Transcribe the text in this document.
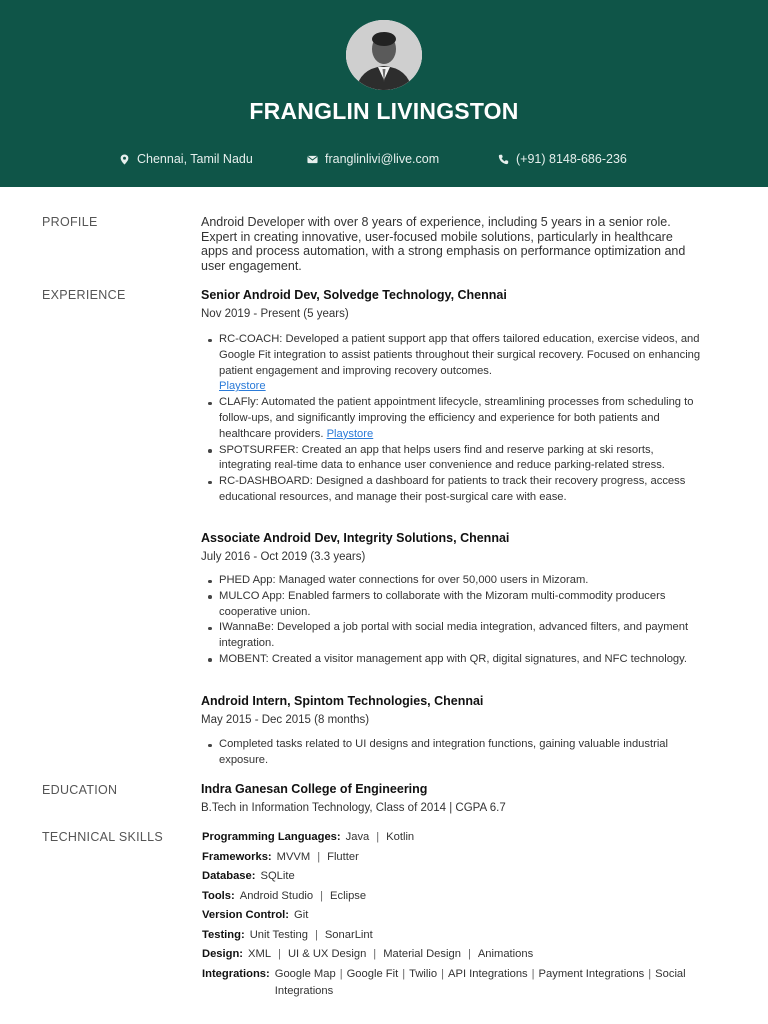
FRANGLIN LIVINGSTON
Chennai, Tamil Nadu	franglinlivi@live.com	(+91) 8148-686-236
PROFILE	Android Developer with over 8 years of experience, including 5 years in a senior role. Expert in creating innovative, user-focused mobile solutions, particularly in healthcare apps and process automation, with a strong emphasis on performance optimization and user engagement.
EXPERIENCE	Senior Android Dev, Solvedge Technology, Chennai
Nov 2019 - Present (5 years)
RC-COACH: Developed a patient support app that offers tailored education, exercise videos, and Google Fit integration to assist patients throughout their surgical recovery. Focused on enhancing patient engagement and improving recovery outcomes.
Playstore
CLAFly: Automated the patient appointment lifecycle, streamlining processes from scheduling to follow-ups, and significantly improving the efficiency and experience for both patients and healthcare providers. Playstore
SPOTSURFER: Created an app that helps users find and reserve parking at ski resorts, integrating real-time data to enhance user convenience and reduce parking-related stress.
RC-DASHBOARD: Designed a dashboard for patients to track their recovery progress, access educational resources, and manage their post-surgical care with ease.
Associate Android Dev, Integrity Solutions, Chennai
July 2016 - Oct 2019 (3.3 years)
PHED App: Managed water connections for over 50,000 users in Mizoram.
MULCO App: Enabled farmers to collaborate with the Mizoram multi-commodity producers cooperative union.
IWannaBe: Developed a job portal with social media integration, advanced filters, and payment integration.
MOBENT: Created a visitor management app with QR, digital signatures, and NFC technology.
Android Intern, Spintom Technologies, Chennai
May 2015 - Dec 2015 (8 months)
Completed tasks related to UI designs and integration functions, gaining valuable industrial exposure.
EDUCATION	Indra Ganesan College of Engineering
B.Tech in Information Technology, Class of 2014 | CGPA 6.7
TECHNICAL SKILLS	Programming Languages: Java | Kotlin
Frameworks: MVVM | Flutter
Database: SQLite
Tools: Android Studio | Eclipse
Version Control: Git
Testing: Unit Testing | SonarLint
Design: XML | UI & UX Design | Material Design | Animations
Integrations: Google Map | Google Fit | Twilio | API Integrations | Payment Integrations | Social Integrations
